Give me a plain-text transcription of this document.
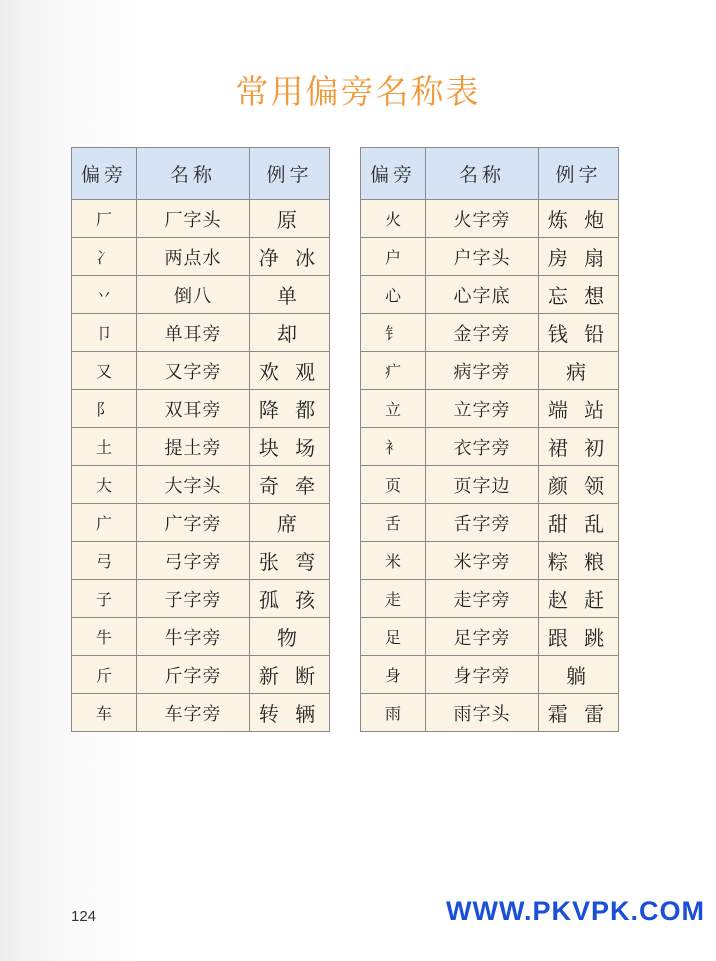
常用偏旁名称表
偏旁	名称	例字
厂	厂字头	原
冫	两点水	净 冰
丷	倒八	单
卩	单耳旁	却
又	又字旁	欢 观
阝	双耳旁	降 都
土	提土旁	块 场
大	大字头	奇 牵
广	广字旁	席
弓	弓字旁	张 弯
子	子字旁	孤 孩
牛	牛字旁	物
斤	斤字旁	新 断
车	车字旁	转 辆
偏旁	名称	例字
火	火字旁	炼 炮
户	户字头	房 扇
心	心字底	忘 想
钅	金字旁	钱 铅
疒	病字旁	病
立	立字旁	端 站
衤	衣字旁	裙 初
页	页字边	颜 领
舌	舌字旁	甜 乱
米	米字旁	粽 粮
走	走字旁	赵 赶
足	足字旁	跟 跳
身	身字旁	躺
雨	雨字头	霜 雷
124	WWW.PKVPK.COM
